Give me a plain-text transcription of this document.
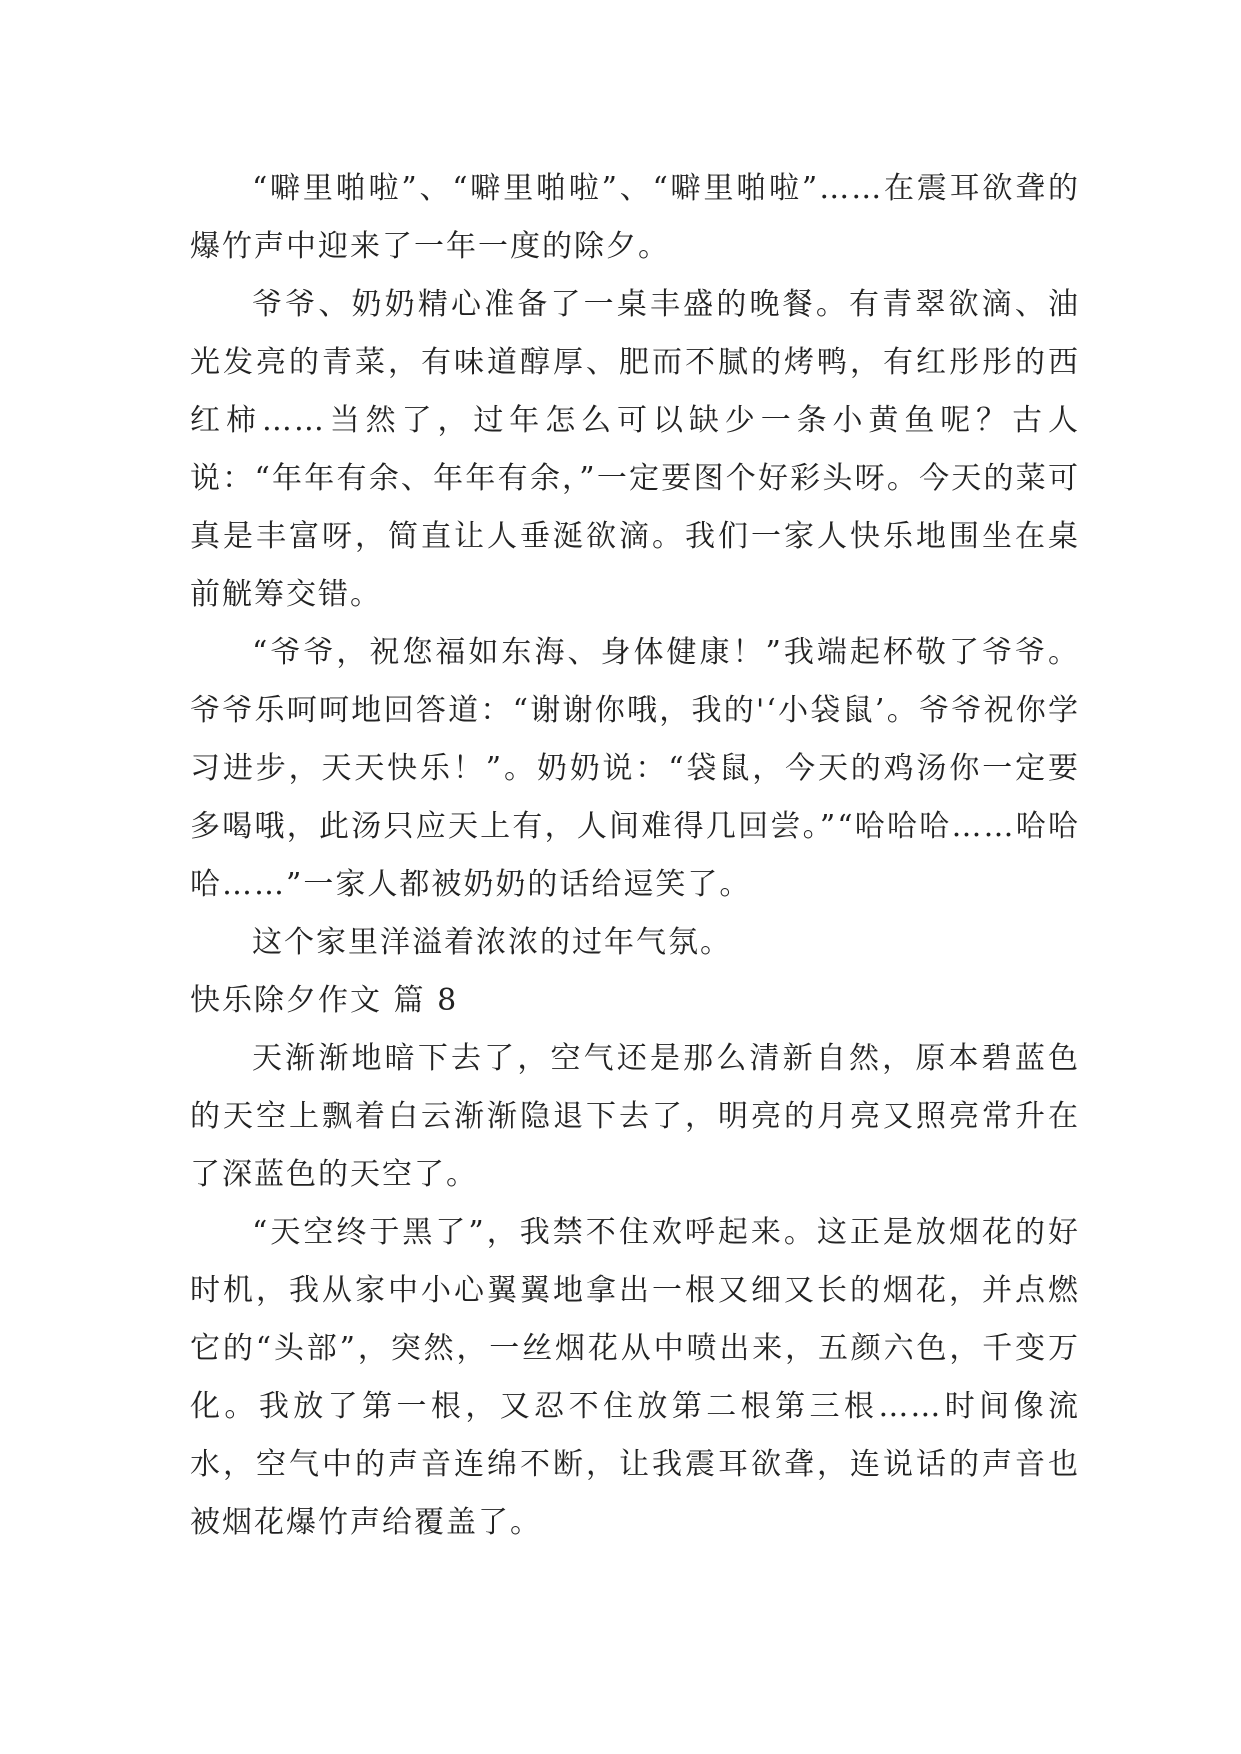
“噼里啪啦”、“噼里啪啦”、“噼里啪啦”……在震耳欲聋的爆竹声中迎来了一年一度的除夕。

爷爷、奶奶精心准备了一桌丰盛的晚餐。有青翠欲滴、油光发亮的青菜，有味道醇厚、肥而不腻的烤鸭，有红彤彤的西红柿……当然了，过年怎么可以缺少一条小黄鱼呢？古人说：“年年有余、年年有余，”一定要图个好彩头呀。今天的菜可真是丰富呀，简直让人垂涎欲滴。我们一家人快乐地围坐在桌前觥筹交错。

“爷爷，祝您福如东海、身体健康！”我端起杯敬了爷爷。爷爷乐呵呵地回答道：“谢谢你哦，我的'‘小袋鼠’。爷爷祝你学习进步，天天快乐！”。奶奶说：“袋鼠，今天的鸡汤你一定要多喝哦，此汤只应天上有，人间难得几回尝。”“哈哈哈……哈哈哈……”一家人都被奶奶的话给逗笑了。

这个家里洋溢着浓浓的过年气氛。

快乐除夕作文 篇 8

天渐渐地暗下去了，空气还是那么清新自然，原本碧蓝色的天空上飘着白云渐渐隐退下去了，明亮的月亮又照亮常升在了深蓝色的天空了。

“天空终于黑了”，我禁不住欢呼起来。这正是放烟花的好时机，我从家中小心翼翼地拿出一根又细又长的烟花，并点燃它的“头部”，突然，一丝烟花从中喷出来，五颜六色，千变万化。我放了第一根，又忍不住放第二根第三根……时间像流水，空气中的声音连绵不断，让我震耳欲聋，连说话的声音也被烟花爆竹声给覆盖了。
